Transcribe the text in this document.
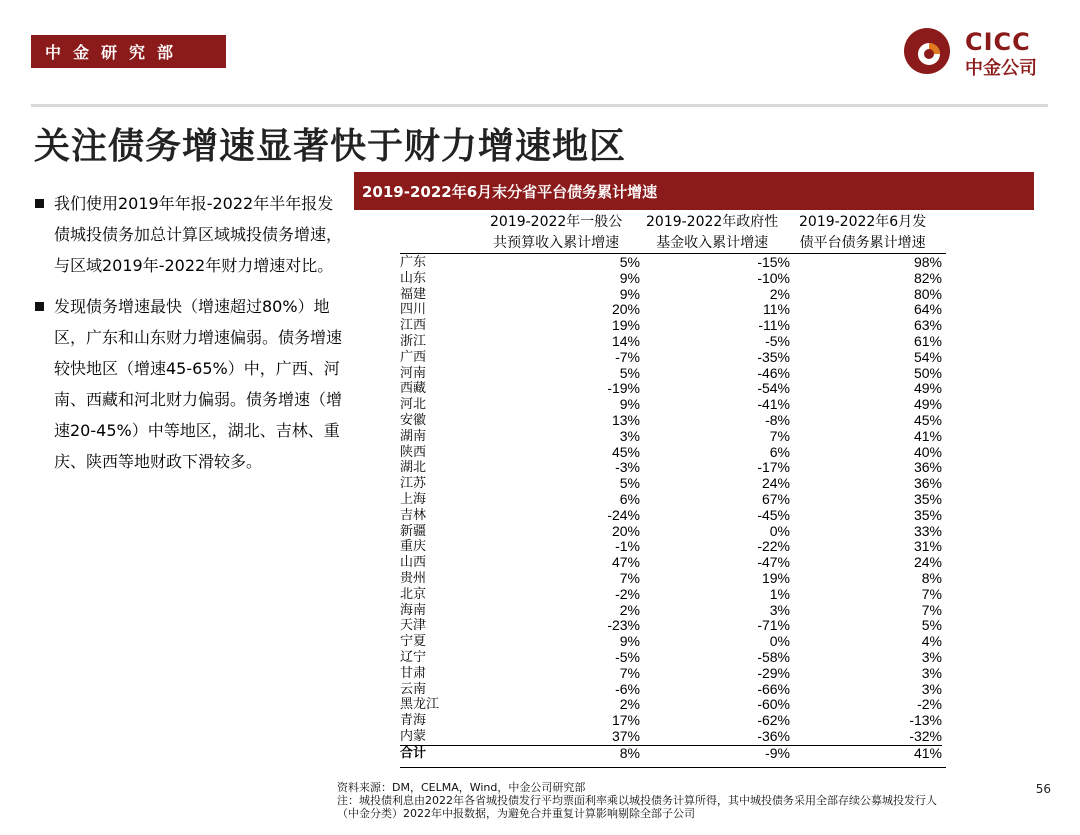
中金研究部	CICC
中金公司
关注债务增速显著快于财力增速地区
我们使用2019年年报-2022年半年报发债城投债务加总计算区域城投债务增速，与区域2019年-2022年财力增速对比。
发现债务增速最快（增速超过80%）地区，广东和山东财力增速偏弱。债务增速较快地区（增速45-65%）中，广西、河南、西藏和河北财力偏弱。债务增速（增速20-45%）中等地区，湖北、吉林、重庆、陕西等地财政下滑较多。
2019-2022年6月末分省平台债务累计增速
2019-2022年一般公
共预算收入累计增速
2019-2022年政府性
基金收入累计增速
2019-2022年6月发
债平台债务累计增速
广东	5%	-15%	98%
山东	9%	-10%	82%
福建	9%	2%	80%
四川	20%	11%	64%
江西	19%	-11%	63%
浙江	14%	-5%	61%
广西	-7%	-35%	54%
河南	5%	-46%	50%
西藏	-19%	-54%	49%
河北	9%	-41%	49%
安徽	13%	-8%	45%
湖南	3%	7%	41%
陕西	45%	6%	40%
湖北	-3%	-17%	36%
江苏	5%	24%	36%
上海	6%	67%	35%
吉林	-24%	-45%	35%
新疆	20%	0%	33%
重庆	-1%	-22%	31%
山西	47%	-47%	24%
贵州	7%	19%	8%
北京	-2%	1%	7%
海南	2%	3%	7%
天津	-23%	-71%	5%
宁夏	9%	0%	4%
辽宁	-5%	-58%	3%
甘肃	7%	-29%	3%
云南	-6%	-66%	3%
黑龙江	2%	-60%	-2%
青海	17%	-62%	-13%
内蒙	37%	-36%	-32%
合计	8%	-9%	41%
资料来源：DM，CELMA，Wind，中金公司研究部
注：城投债利息由2022年各省城投债发行平均票面利率乘以城投债务计算所得，其中城投债务采用全部存续公募城投发行人
（中金分类）2022年中报数据，为避免合并重复计算影响剔除全部子公司
56
